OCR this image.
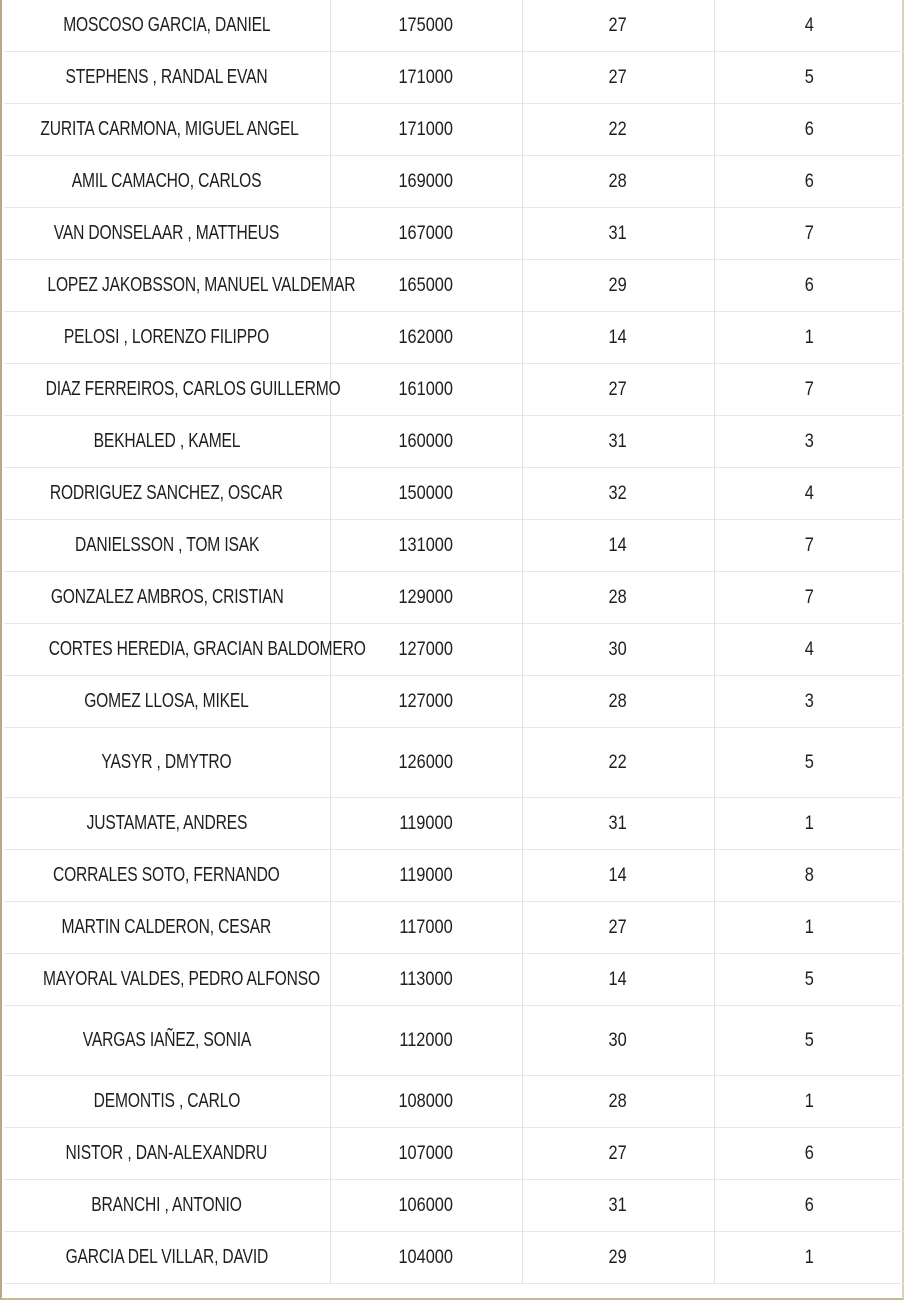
MOSCOSO GARCIA, DANIEL	175000	27	4
STEPHENS , RANDAL EVAN	171000	27	5
ZURITA CARMONA, MIGUEL ANGEL	171000	22	6
AMIL CAMACHO, CARLOS	169000	28	6
VAN DONSELAAR , MATTHEUS	167000	31	7
LOPEZ JAKOBSSON, MANUEL VALDEMAR	165000	29	6
PELOSI , LORENZO FILIPPO	162000	14	1
DIAZ FERREIROS, CARLOS GUILLERMO	161000	27	7
BEKHALED , KAMEL	160000	31	3
RODRIGUEZ SANCHEZ, OSCAR	150000	32	4
DANIELSSON , TOM ISAK	131000	14	7
GONZALEZ AMBROS, CRISTIAN	129000	28	7
CORTES HEREDIA, GRACIAN BALDOMERO	127000	30	4
GOMEZ LLOSA, MIKEL	127000	28	3
YASYR , DMYTRO	126000	22	5
JUSTAMATE, ANDRES	119000	31	1
CORRALES SOTO, FERNANDO	119000	14	8
MARTIN CALDERON, CESAR	117000	27	1
MAYORAL VALDES, PEDRO ALFONSO	113000	14	5
VARGAS IAÑEZ, SONIA	112000	30	5
DEMONTIS , CARLO	108000	28	1
NISTOR , DAN-ALEXANDRU	107000	27	6
BRANCHI , ANTONIO	106000	31	6
GARCIA DEL VILLAR, DAVID	104000	29	1
